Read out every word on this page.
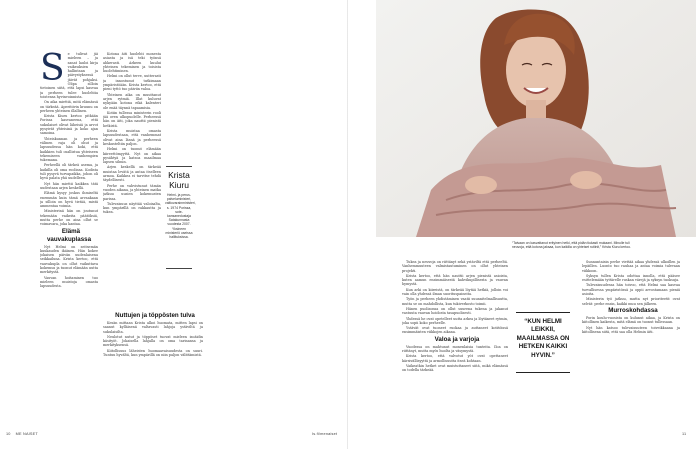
S e tulivat jäi mieleen – ja sanat lauloi kirja vaikeuksien hallintaan ja päivystyksessä jäivät pohjaksi. Olipa silloin tietoinen siitä, että lapsi kasvaa ja perheen tulee huolehtia toistensa hyvinvoinnista.

On aika miettiä, mitä elämässä on tärkeää. Aperitiivin kruunu on perheen yhteinen illallinen.

Krista Kiuru kertoo pitkään Porissa kasvaneena, että sukulaiset olivat läheisiä ja arvot pysyivät yhteisinä ja koko ajan samoina.

Yhteiskunnan ja perheen välinen raja oli ohut ja lapsuudessa hän koki, että kaikkien tuli osallistua yhteiseen tekemiseen vanhempien tukemana.

Perheellä oli tärkeä asema, ja kaikilla oli oma roolinsa. Kodista tuli pysyvä turvapaikka, johon oli hyvä palata yhä uudelleen.

Nyt hän miettii kaikkea tätä uudestaan arjen keskellä.

Elämä kysyy joskus ihmiseltä enemmän kuin tämä arvaakaan ja silloin on hyvä tietää, mistä ammentaa voimia.

Ministerinä hän on joutunut tekemään vaikeita päätöksiä, mutta perhe on aina ollut se voimavara, joka kantaa.

Elämä vauvakuplassa

Nyt Helmi on seitsemän kuukauden ikäinen. Hän kokee jokaisen päivän uudenlaisena seikkailuna. Krista kertoo, että vauvakupla on ollut vaikuttava kokemus ja tuonut elämään uutta merkitystä.

Vauvan hoitaminen tuo mieleen muistoja omasta lapsuudesta.

Kotona äiti huolehti monesta asiasta ja isä teki työnsä ahkerasti. Arkeen kuului yhteinen tekeminen ja toisista huolehtiminen.

Helmi on ollut terve, uutterasti ja innostunut tutkimaan ympäristöään. Krista kertoo, että pieni tyttö tuo päiviin valoa.

Yhteinen aika on muuttanut arjen rytmiä. Illat kuluvat nykyään kotona eikä kalenteri ole enää täynnä tapaamisia.

Kotiin tullessa ministerin rooli jää oven ulkopuolelle. Perheessä hän on äiti, joka nauttii pienistä hetkistä.

Krista muistaa omasta lapsuudestaan, että vanhemmat olivat aina läsnä ja perheessä keskusteltiin paljon.

Helmi on tuonut elämään kiireettömyyttä. Nyt on aikaa pysähtyä ja katsoa maailmaa lapsen silmin.

Arjen keskellä on tärkeää muistaa levätä ja antaa itselleen armoa. Kaikkea ei tarvitse tehdä täydellisesti.

Perhe on vahvistunut tämän vuoden aikana, ja yhteinen matka jatkuu uusien kokemusten parissa.

Tulevaisuus näyttää valoisalta, kun ympärillä on rakkautta ja tukea.

Nuttujen ja töppösten tulva

Kesän mittaan Krista alkoi huomata, mitten lapsi on saanut kylläisenä valtavasti lahjoja ystäviltä ja sukulaisilta.

Neulotut nutut ja töppöset tuovat mieleen isoäidin käsityöt. Jokaisella lahjalla on oma tarinansa ja merkityksensä.

Kiitollisuus läheisten huomaavaisuudesta on suuri. Tuntuu hyvältä, kun ympärillä on niin paljon välittämistä.

Krista

Kiuru

Helmi- ja perus-palveluministeri, valtiovarainministeri, s. 1974 Porissa, sote-kansanedustaja Satakunnasta vuodesta 2007. Yksineen ministeriö useissa hallituksissa.
10 ME NAISET	Is.fi/menaiset	11
“Taivaan on kasvattanut erityinen hetki, että pidän tiukasti mukaani. Minulle tuli neuvoja, että kotona jaksaa, kun kaikilla on yhteiset rutiinit,” Krista Kiuru kertoo.

Tukea ja neuvoja on riittänyt sekä ystäviltä että perheeltä. Vanhemmuuteen valmistautuminen on ollut yhteinen projekti.

Krista kertoo, että hän nauttii arjen pienistä asioista, kuten aamun ensimmäisestä kahvikupillisesta ja vauvan hymystä.

Kun arki on kiireistä, on tärkeää löytää hetkiä, jolloin voi vain olla yhdessä ilman suorituspaineita.

Työn ja perheen yhdistäminen vaatii suunnitelmallisuutta, mutta se on mahdollista, kun tukiverkosto toimii.

Hänen puolisonsa on ollut suurena tukena ja jakanut vastuuta vauvan hoidosta tasapuolisesti.

Yhdessä he ovat opetelleet uutta arkea ja löytäneet rytmin, joka sopii koko perheelle.

Ystävät ovat tuoneet ruokaa ja auttaneet kotitöissä ensimmäisten viikkojen aikana.

Valoa ja varjoja

Vuodessa on mahtunut monenlaisia tunteita. Iloa on riittänyt, mutta myös huolta ja väsymystä.

Krista kertoo, että valvotut yöt ovat opettaneet kärsivällisyyttä ja armollisuutta itseä kohtaan.

Vaikeatkin hetket ovat muistuttaneet siitä, mikä elämässä on todella tärkeää.

“KUN HELMI LEIKKII, MAAILMASSA ON HETKEN KAIKKI HYVIN.”

Sunnuntaisin perhe viettää aikaa yhdessä ulkoillen ja lepäillen. Luonto tuo rauhaa ja antaa voimia tulevaan viikkoon.

Syksyn tullen Krista odottaa innolla, että pääsee esittelemään tyttärelle ruskan värejä ja syksyn tuoksuja.

Tulevaisuudessa hän toivoo, että Helmi saa kasvaa turvallisessa ympäristössä ja oppii arvostamaan pieniä asioita.

Ministerin työ jatkuu, mutta nyt prioriteetit ovat selvät: perhe ensin, kaikki muu sen jälkeen.

Murroskohdassa

Porin koulu-vuosista on kulunut aikaa, ja Krista on kiitollinen kaikesta, mitä elämä on tuonut tullessaan.

Nyt hän katsoo tulevaisuuteen toiveikkaana ja kiitollisena siitä, että saa olla Helmin äiti.
